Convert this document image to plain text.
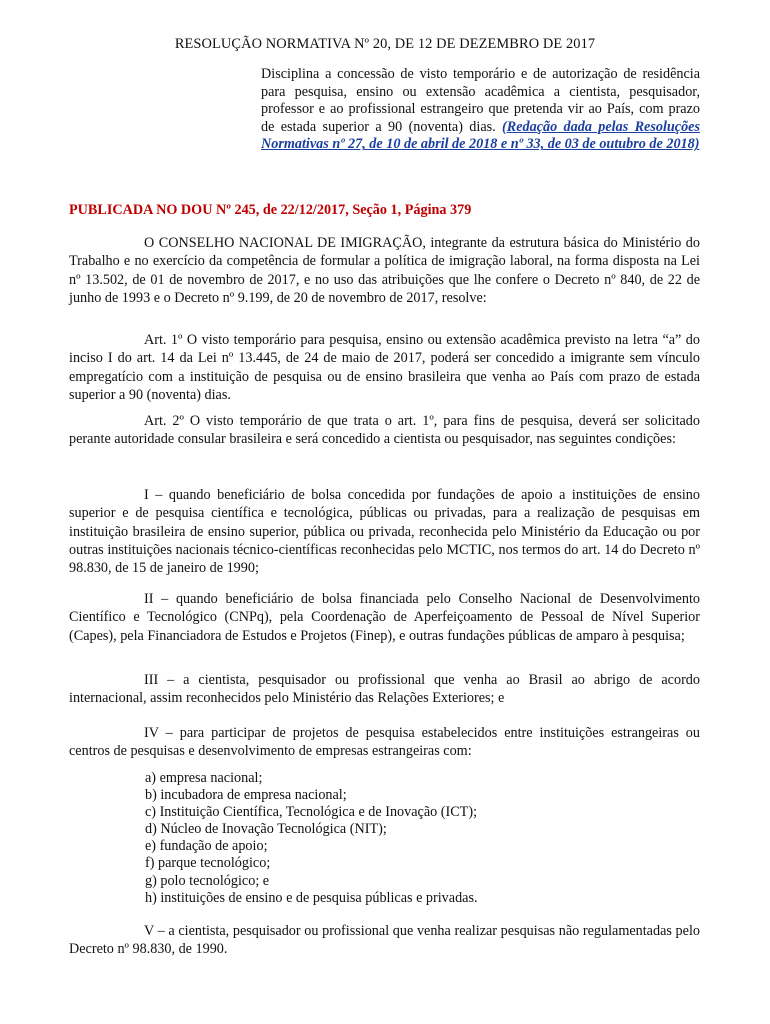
RESOLUÇÃO NORMATIVA Nº 20, DE 12 DE DEZEMBRO DE 2017
Disciplina a concessão de visto temporário e de autorização de residência para pesquisa, ensino ou extensão acadêmica a cientista, pesquisador, professor e ao profissional estrangeiro que pretenda vir ao País, com prazo de estada superior a 90 (noventa) dias. (Redação dada pelas Resoluções Normativas nº 27, de 10 de abril de 2018 e nº 33, de 03 de outubro de 2018)
PUBLICADA NO DOU Nº 245, de 22/12/2017, Seção 1, Página 379
O CONSELHO NACIONAL DE IMIGRAÇÃO, integrante da estrutura básica do Ministério do Trabalho e no exercício da competência de formular a política de imigração laboral, na forma disposta na Lei nº 13.502, de 01 de novembro de 2017, e no uso das atribuições que lhe confere o Decreto nº 840, de 22 de junho de 1993 e o Decreto nº 9.199, de 20 de novembro de 2017, resolve:
Art. 1º O visto temporário para pesquisa, ensino ou extensão acadêmica previsto na letra “a” do inciso I do art. 14 da Lei nº 13.445, de 24 de maio de 2017, poderá ser concedido a imigrante sem vínculo empregatício com a instituição de pesquisa ou de ensino brasileira que venha ao País com prazo de estada superior a 90 (noventa) dias.
Art. 2º O visto temporário de que trata o art. 1º, para fins de pesquisa, deverá ser solicitado perante autoridade consular brasileira e será concedido a cientista ou pesquisador, nas seguintes condições:
I – quando beneficiário de bolsa concedida por fundações de apoio a instituições de ensino superior e de pesquisa científica e tecnológica, públicas ou privadas, para a realização de pesquisas em instituição brasileira de ensino superior, pública ou privada, reconhecida pelo Ministério da Educação ou por outras instituições nacionais técnico-científicas reconhecidas pelo MCTIC, nos termos do art. 14 do Decreto nº 98.830, de 15 de janeiro de 1990;
II – quando beneficiário de bolsa financiada pelo Conselho Nacional de Desenvolvimento Científico e Tecnológico (CNPq), pela Coordenação de Aperfeiçoamento de Pessoal de Nível Superior (Capes), pela Financiadora de Estudos e Projetos (Finep), e outras fundações públicas de amparo à pesquisa;
III – a cientista, pesquisador ou profissional que venha ao Brasil ao abrigo de acordo internacional, assim reconhecidos pelo Ministério das Relações Exteriores; e
IV – para participar de projetos de pesquisa estabelecidos entre instituições estrangeiras ou centros de pesquisas e desenvolvimento de empresas estrangeiras com:
a) empresa nacional;
b) incubadora de empresa nacional;
c) Instituição Científica, Tecnológica e de Inovação (ICT);
d) Núcleo de Inovação Tecnológica (NIT);
e) fundação de apoio;
f) parque tecnológico;
g) polo tecnológico; e
h) instituições de ensino e de pesquisa públicas e privadas.
V – a cientista, pesquisador ou profissional que venha realizar pesquisas não regulamentadas pelo Decreto nº 98.830, de 1990.
